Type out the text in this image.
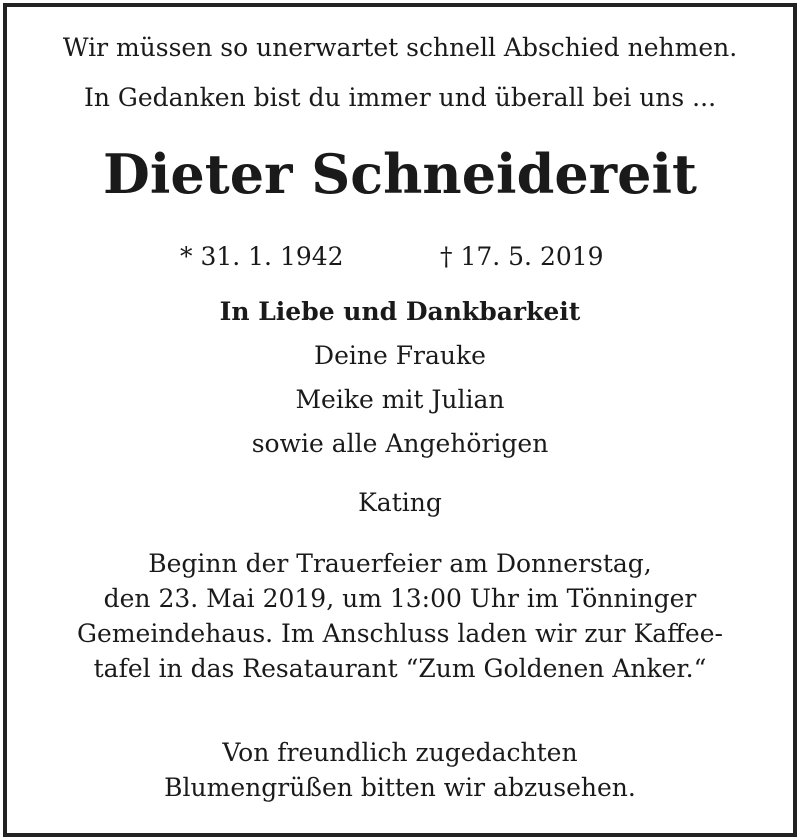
Wir müssen so unerwartet schnell Abschied nehmen.
In Gedanken bist du immer und überall bei uns ...
Dieter Schneidereit
* 31. 1. 1942	† 17. 5. 2019
In Liebe und Dankbarkeit
Deine Frauke
Meike mit Julian
sowie alle Angehörigen
Kating
Beginn der Trauerfeier am Donnerstag,
den 23. Mai 2019, um 13:00 Uhr im Tönninger
Gemeindehaus. Im Anschluss laden wir zur Kaffee-
tafel in das Resataurant “Zum Goldenen Anker.“
Von freundlich zugedachten
Blumengrüßen bitten wir abzusehen.
